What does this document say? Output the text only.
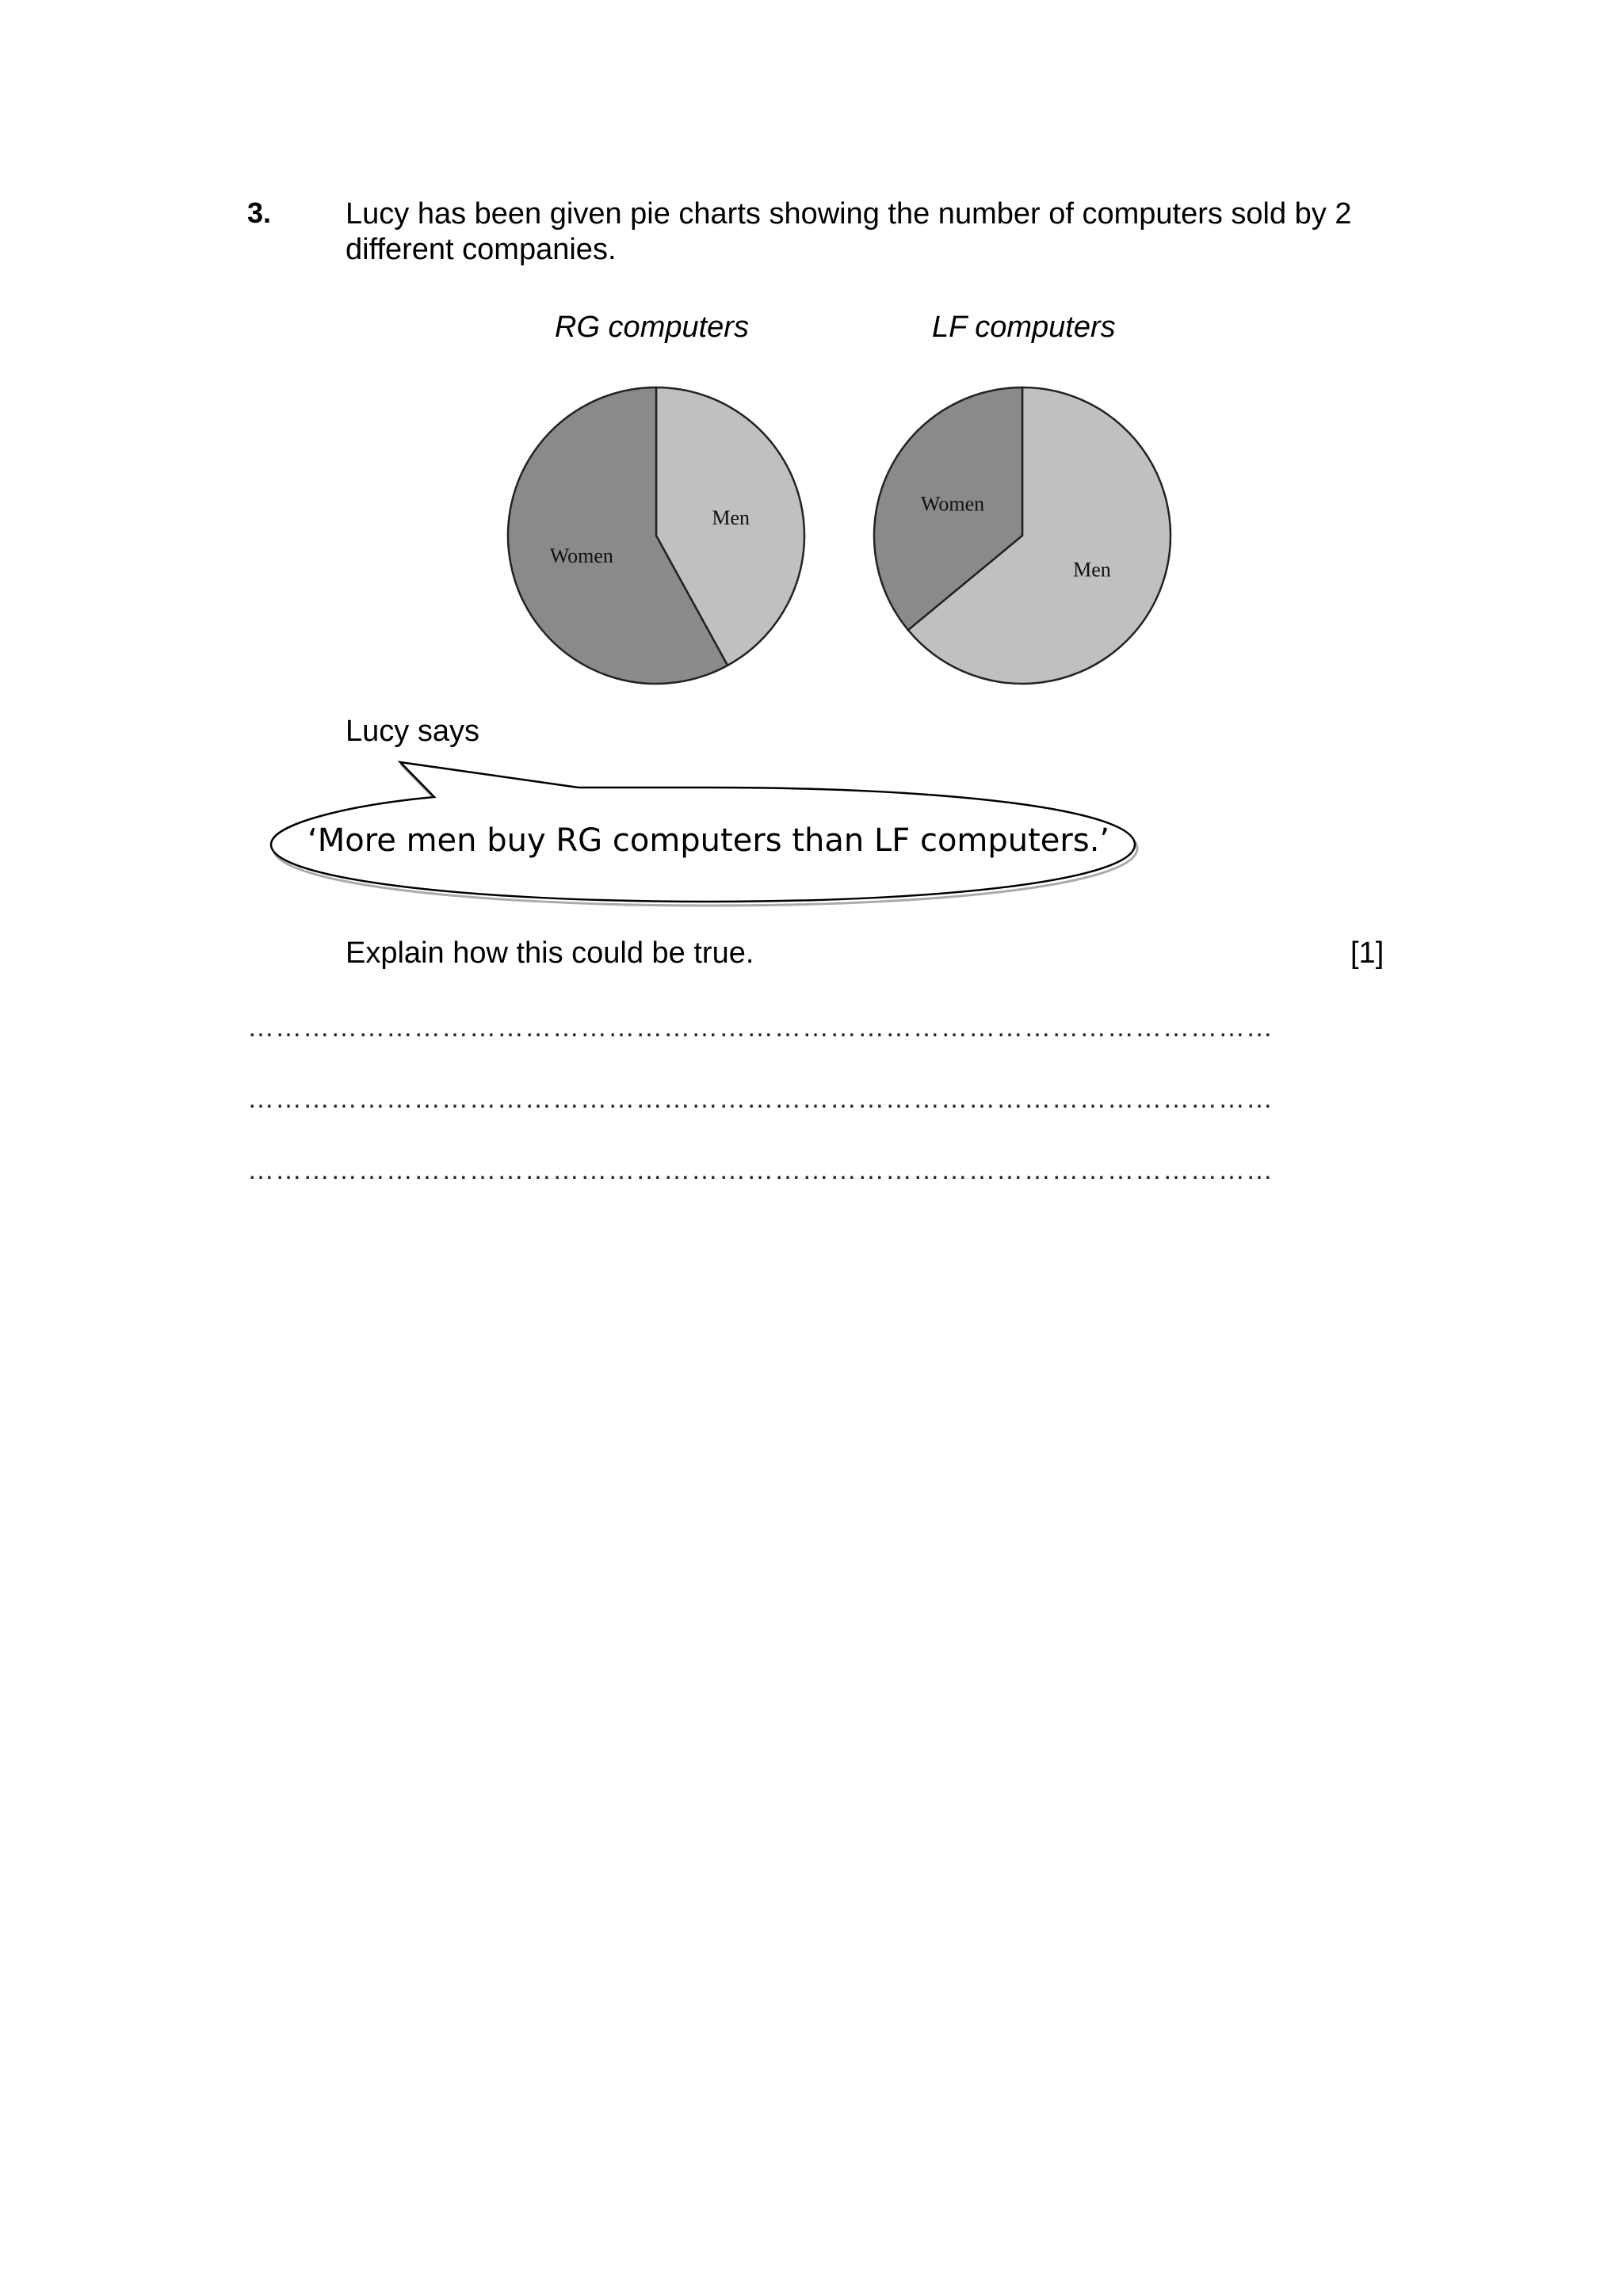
3. Lucy has been given pie charts showing the number of computers sold by 2 different companies.
RG computers	LF computers
Men
Women
Men
Women
Lucy says
‘More men buy RG computers than LF computers.’
Explain how this could be true.	[1]
…………………………………………………………………………………………………
…………………………………………………………………………………………………
…………………………………………………………………………………………………
